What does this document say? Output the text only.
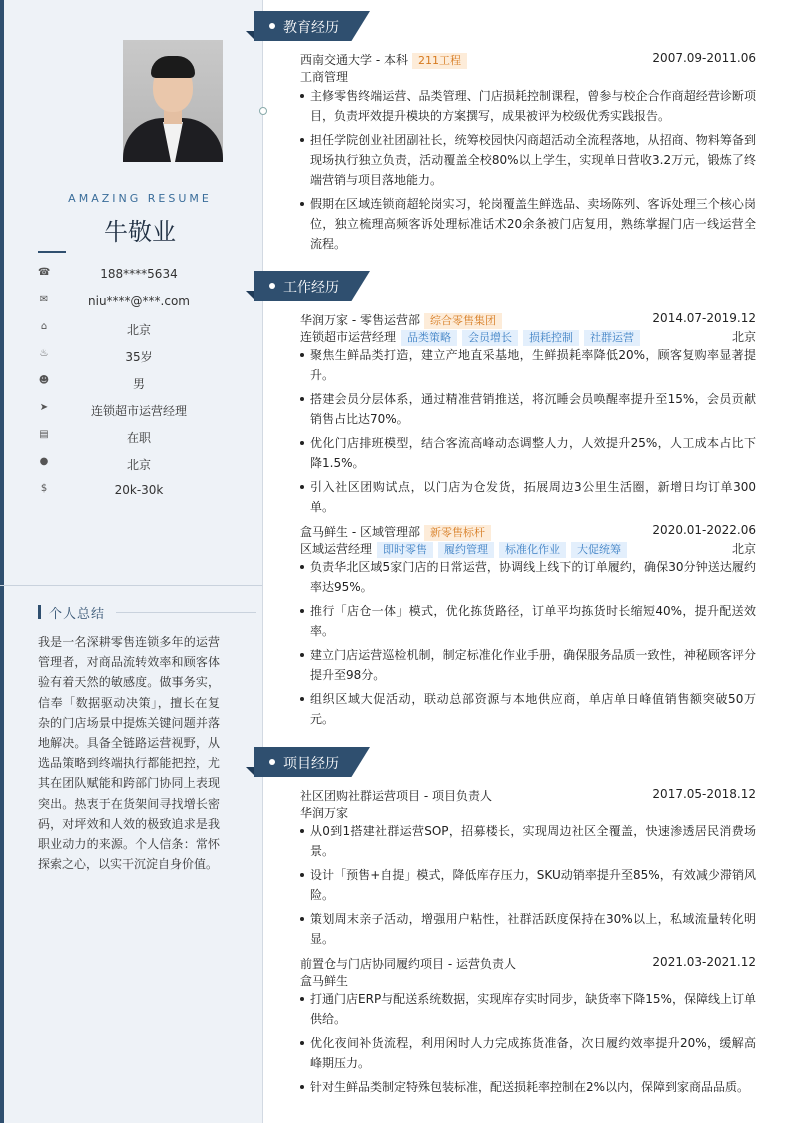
AMAZING RESUME
牛敬业
☎	188****5634
✉	niu****@***.com
⌂	北京
♨	35岁
☻	男
➤	连锁超市运营经理
▤	在职
●	北京
$	20k-30k
个人总结
我是一名深耕零售连锁多年的运营管理者，对商品流转效率和顾客体验有着天然的敏感度。做事务实，信奉「数据驱动决策」，擅长在复杂的门店场景中提炼关键问题并落地解决。具备全链路运营视野，从选品策略到终端执行都能把控，尤其在团队赋能和跨部门协同上表现突出。热衷于在货架间寻找增长密码，对坪效和人效的极致追求是我职业动力的来源。个人信条：常怀探索之心，以实干沉淀自身价值。
教育经历
西南交通大学 - 本科 211工程	2007.09-2011.06
工商管理
主修零售终端运营、品类管理、门店损耗控制课程，曾参与校企合作商超经营诊断项目，负责坪效提升模块的方案撰写，成果被评为校级优秀实践报告。
担任学院创业社团副社长，统筹校园快闪商超活动全流程落地，从招商、物料筹备到现场执行独立负责，活动覆盖全校80%以上学生，实现单日营收3.2万元，锻炼了终端营销与项目落地能力。
假期在区域连锁商超轮岗实习，轮岗覆盖生鲜选品、卖场陈列、客诉处理三个核心岗位，独立梳理高频客诉处理标准话术20余条被门店复用，熟练掌握门店一线运营全流程。
工作经历
华润万家 - 零售运营部 综合零售集团	2014.07-2019.12
连锁超市运营经理 品类策略 会员增长 损耗控制 社群运营	北京
聚焦生鲜品类打造，建立产地直采基地，生鲜损耗率降低20%，顾客复购率显著提升。
搭建会员分层体系，通过精准营销推送，将沉睡会员唤醒率提升至15%，会员贡献销售占比达70%。
优化门店排班模型，结合客流高峰动态调整人力，人效提升25%，人工成本占比下降1.5%。
引入社区团购试点，以门店为仓发货，拓展周边3公里生活圈，新增日均订单300单。
盒马鲜生 - 区域管理部 新零售标杆	2020.01-2022.06
区域运营经理 即时零售 履约管理 标准化作业 大促统筹	北京
负责华北区域5家门店的日常运营，协调线上线下的订单履约，确保30分钟送达履约率达95%。
推行「店仓一体」模式，优化拣货路径，订单平均拣货时长缩短40%，提升配送效率。
建立门店运营巡检机制，制定标准化作业手册，确保服务品质一致性，神秘顾客评分提升至98分。
组织区域大促活动，联动总部资源与本地供应商，单店单日峰值销售额突破50万元。
项目经历
社区团购社群运营项目 - 项目负责人	2017.05-2018.12
华润万家
从0到1搭建社群运营SOP，招募楼长，实现周边社区全覆盖，快速渗透居民消费场景。
设计「预售+自提」模式，降低库存压力，SKU动销率提升至85%，有效减少滞销风险。
策划周末亲子活动，增强用户粘性，社群活跃度保持在30%以上，私域流量转化明显。
前置仓与门店协同履约项目 - 运营负责人	2021.03-2021.12
盒马鲜生
打通门店ERP与配送系统数据，实现库存实时同步，缺货率下降15%，保障线上订单供给。
优化夜间补货流程，利用闲时人力完成拣货准备，次日履约效率提升20%，缓解高峰期压力。
针对生鲜品类制定特殊包装标准，配送损耗率控制在2%以内，保障到家商品品质。
